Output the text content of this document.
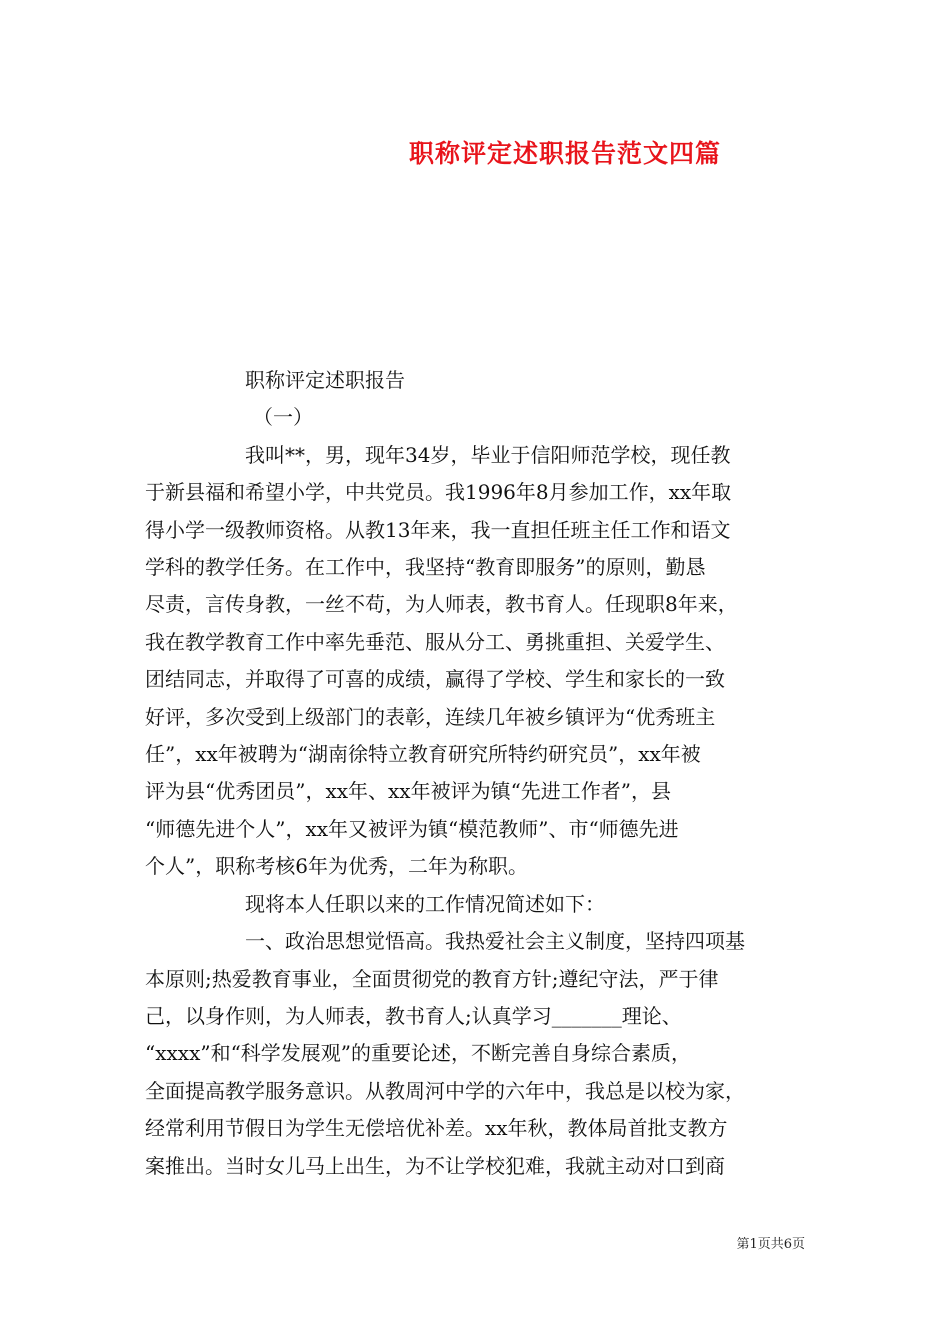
职称评定述职报告范文四篇

职称评定述职报告

（一）

我叫**，男，现年34岁，毕业于信阳师范学校，现任教

于新县福和希望小学，中共党员。我1996年8月参加工作，xx年取

得小学一级教师资格。从教13年来，我一直担任班主任工作和语文

学科的教学任务。在工作中，我坚持“教育即服务”的原则，勤恳

尽责，言传身教，一丝不苟，为人师表，教书育人。任现职8年来，

我在教学教育工作中率先垂范、服从分工、勇挑重担、关爱学生、

团结同志，并取得了可喜的成绩，赢得了学校、学生和家长的一致

好评，多次受到上级部门的表彰，连续几年被乡镇评为“优秀班主

任”，xx年被聘为“湖南徐特立教育研究所特约研究员”，xx年被

评为县“优秀团员”，xx年、xx年被评为镇“先进工作者”，县

“师德先进个人”，xx年又被评为镇“模范教师”、市“师德先进

个人”，职称考核6年为优秀，二年为称职。

现将本人任职以来的工作情况简述如下：

一、政治思想觉悟高。我热爱社会主义制度，坚持四项基

本原则;热爱教育事业，全面贯彻党的教育方针;遵纪守法，严于律

己，以身作则，为人师表，教书育人;认真学习_______理论、

“xxxx”和“科学发展观”的重要论述，不断完善自身综合素质，

全面提高教学服务意识。从教周河中学的六年中，我总是以校为家，

经常利用节假日为学生无偿培优补差。xx年秋，教体局首批支教方

案推出。当时女儿马上出生，为不让学校犯难，我就主动对口到商

第1页共6页
